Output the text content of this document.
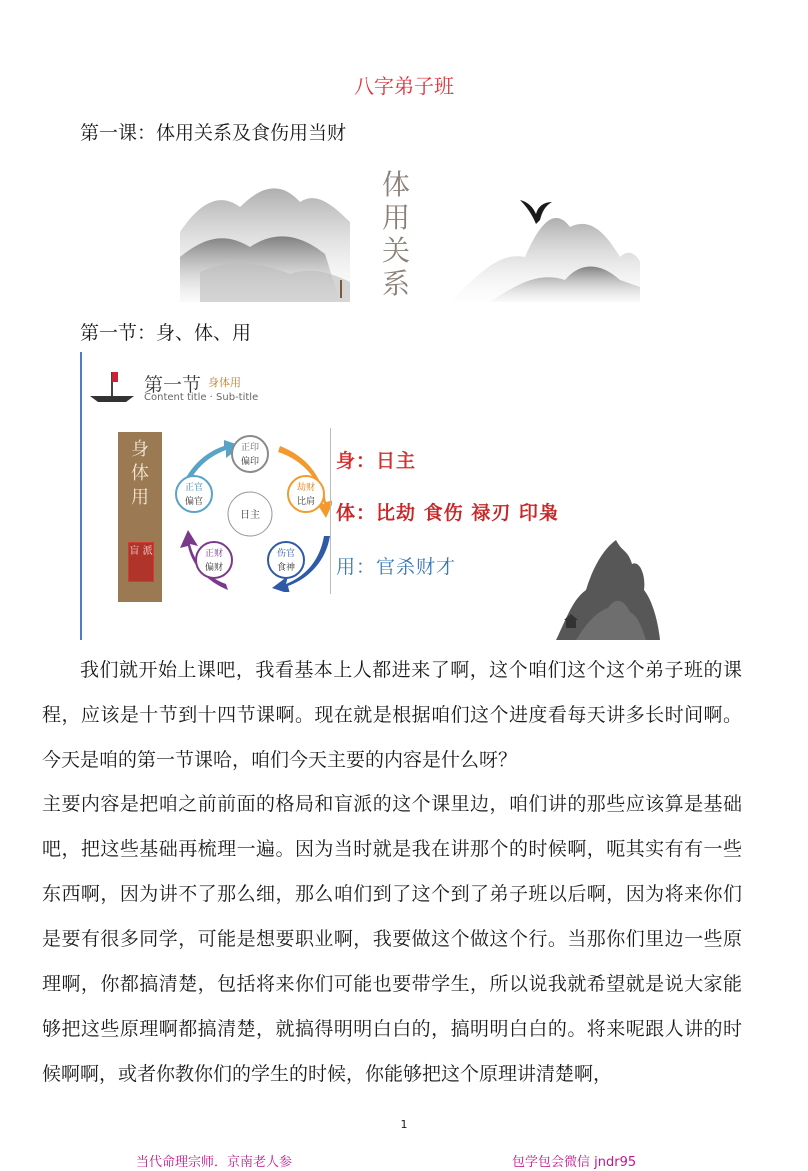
八字弟子班
第一课：体用关系及食伤用当财
体
用
关
系
第一节：身、体、用
第一节 身体用
Content title · Sub-title
身
体
用
盲 派
日主
正印
偏印
劫财
比肩
伤官
食神
正财
偏财
正官
偏官
身：日主
体：比劫 食伤 禄刃 印枭
用：官杀财才
我们就开始上课吧，我看基本上人都进来了啊，这个咱们这个这个弟子班的课程，应该是十节到十四节课啊。现在就是根据咱们这个进度看每天讲多长时间啊。今天是咱的第一节课哈，咱们今天主要的内容是什么呀？
主要内容是把咱之前前面的格局和盲派的这个课里边，咱们讲的那些应该算是基础吧，把这些基础再梳理一遍。因为当时就是我在讲那个的时候啊，呃其实有有一些东西啊，因为讲不了那么细，那么咱们到了这个到了弟子班以后啊，因为将来你们是要有很多同学，可能是想要职业啊，我要做这个做这个行。当那你们里边一些原理啊，你都搞清楚，包括将来你们可能也要带学生，所以说我就希望就是说大家能够把这些原理啊都搞清楚，就搞得明明白白的，搞明明白白的。将来呢跟人讲的时候啊啊，或者你教你们的学生的时候，你能够把这个原理讲清楚啊，
1
当代命理宗师．京南老人参	包学包会微信 jndr95
